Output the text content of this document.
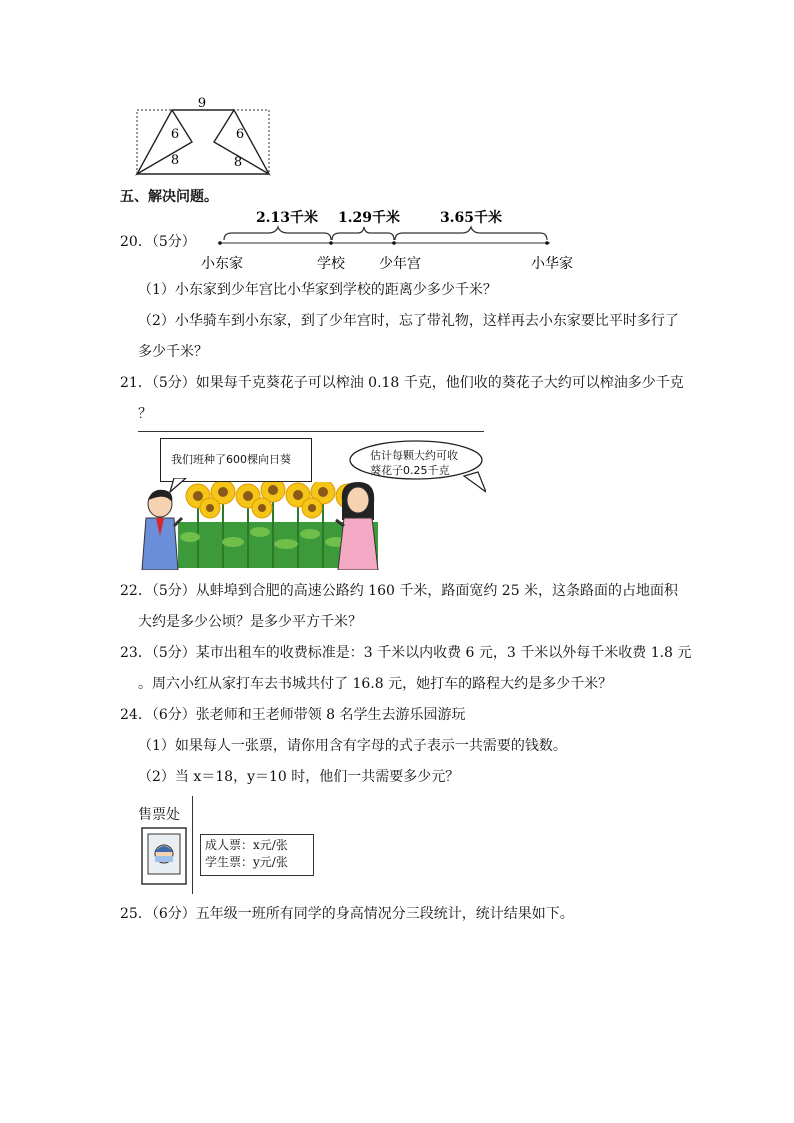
9
6
8
6
8
五、解决问题。
20．（5分）
2.13千米 1.29千米	3.65千米
小东家	学校 少年宫	小华家
（1）小东家到少年宫比小华家到学校的距离少多少千米？
（2）小华骑车到小东家，到了少年宫时，忘了带礼物，这样再去小东家要比平时多行了
多少千米？
21．（5分）如果每千克葵花子可以榨油 0.18 千克，他们收的葵花子大约可以榨油多少千克
？
我们班种了600棵向日葵	估计每颗大约可收
葵花子0.25千克
22．（5分）从蚌埠到合肥的高速公路约 160 千米，路面宽约 25 米，这条路面的占地面积
大约是多少公顷？是多少平方千米？
23．（5分）某市出租车的收费标准是：3 千米以内收费 6 元，3 千米以外每千米收费 1.8 元
。周六小红从家打车去书城共付了 16.8 元，她打车的路程大约是多少千米？
24．（6分）张老师和王老师带领 8 名学生去游乐园游玩
（1）如果每人一张票，请你用含有字母的式子表示一共需要的钱数。
（2）当 x＝18，y＝10 时，他们一共需要多少元？
售票处
成人票：x元/张
学生票：y元/张
25．（6分）五年级一班所有同学的身高情况分三段统计，统计结果如下。
